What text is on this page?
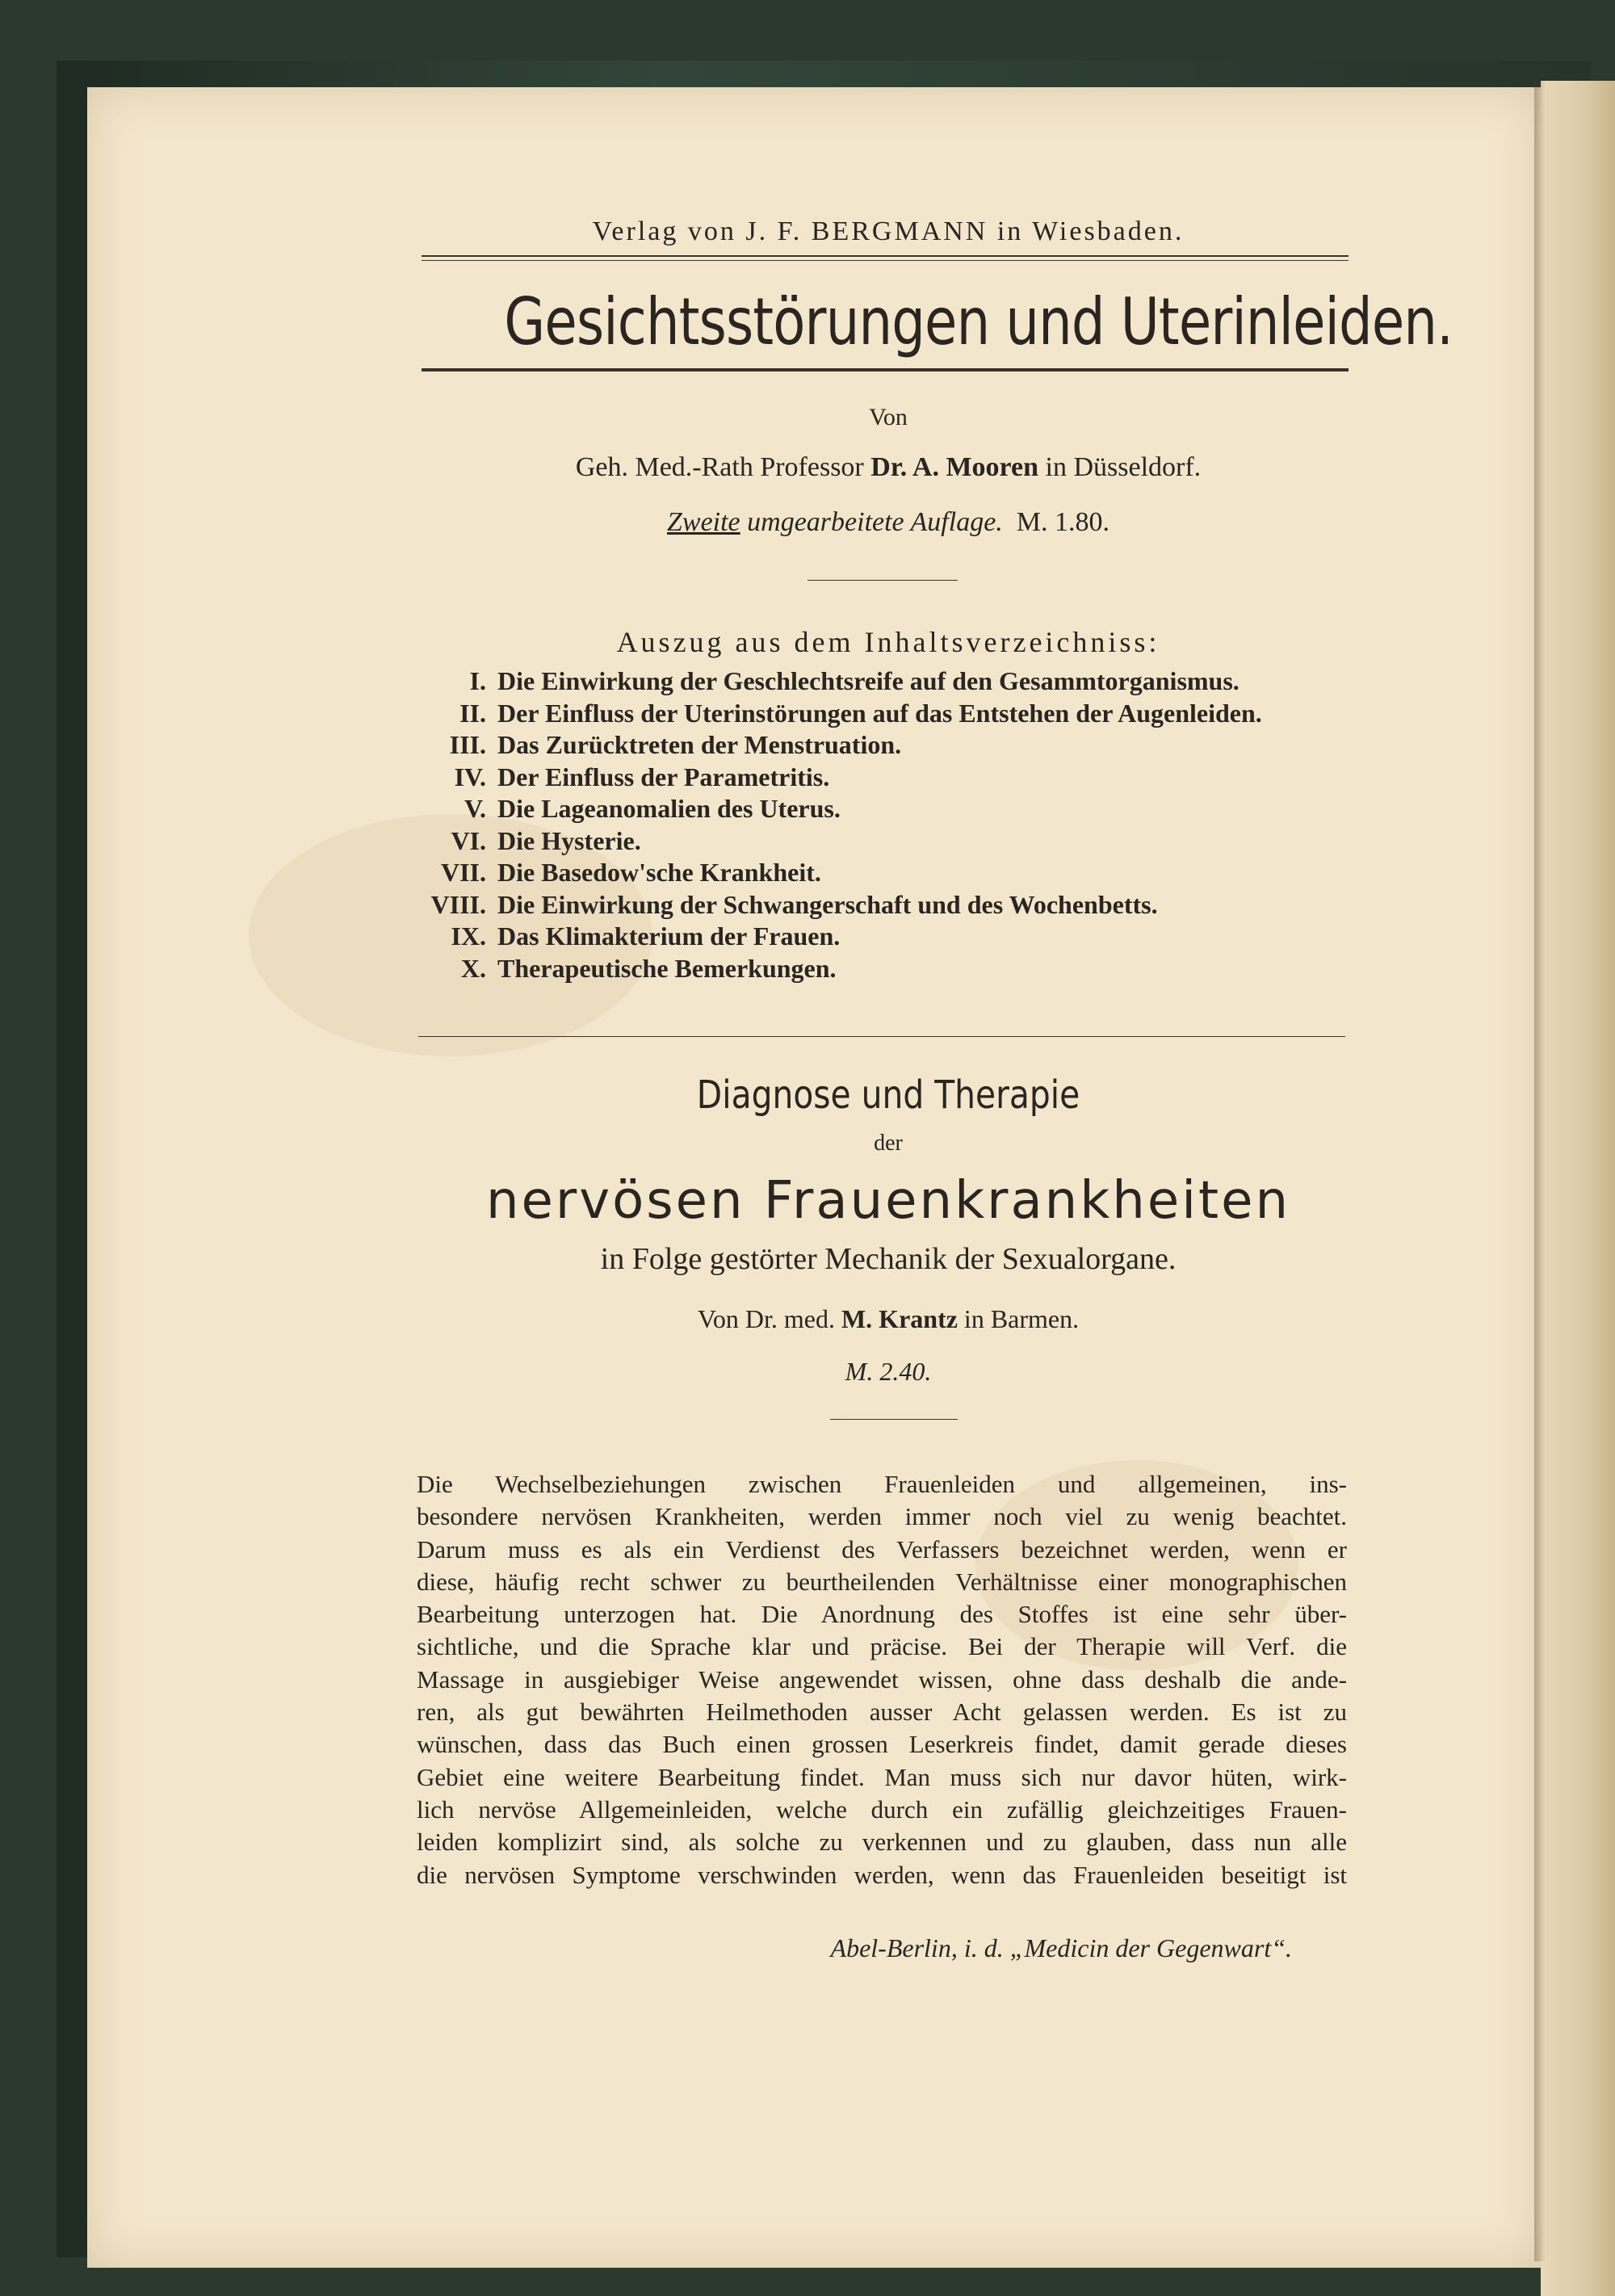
Verlag von J. F. BERGMANN in Wiesbaden.

Gesichtsstörungen und Uterinleiden.

Von

Geh. Med.-Rath Professor Dr. A. Mooren in Düsseldorf.

Zweite umgearbeitete Auflage. M. 1.80.

Auszug aus dem Inhaltsverzeichniss:

I. Die Einwirkung der Geschlechtsreife auf den Gesammtorganismus.
II. Der Einfluss der Uterinstörungen auf das Entstehen der Augenleiden.
III. Das Zurücktreten der Menstruation.
IV. Der Einfluss der Parametritis.
V. Die Lageanomalien des Uterus.
VI. Die Hysterie.
VII. Die Basedow'sche Krankheit.
VIII. Die Einwirkung der Schwangerschaft und des Wochenbetts.
IX. Das Klimakterium der Frauen.
X. Therapeutische Bemerkungen.

Diagnose und Therapie

der

nervösen Frauenkrankheiten

in Folge gestörter Mechanik der Sexualorgane.

Von Dr. med. M. Krantz in Barmen.

M. 2.40.

Die Wechselbeziehungen zwischen Frauenleiden und allgemeinen, ins-
besondere nervösen Krankheiten, werden immer noch viel zu wenig beachtet.
Darum muss es als ein Verdienst des Verfassers bezeichnet werden, wenn er
diese, häufig recht schwer zu beurtheilenden Verhältnisse einer monographischen
Bearbeitung unterzogen hat. Die Anordnung des Stoffes ist eine sehr über-
sichtliche, und die Sprache klar und präcise. Bei der Therapie will Verf. die
Massage in ausgiebiger Weise angewendet wissen, ohne dass deshalb die ande-
ren, als gut bewährten Heilmethoden ausser Acht gelassen werden. Es ist zu
wünschen, dass das Buch einen grossen Leserkreis findet, damit gerade dieses
Gebiet eine weitere Bearbeitung findet. Man muss sich nur davor hüten, wirk-
lich nervöse Allgemeinleiden, welche durch ein zufällig gleichzeitiges Frauen-
leiden komplizirt sind, als solche zu verkennen und zu glauben, dass nun alle
die nervösen Symptome verschwinden werden, wenn das Frauenleiden beseitigt ist

Abel-Berlin, i. d. „Medicin der Gegenwart“.
